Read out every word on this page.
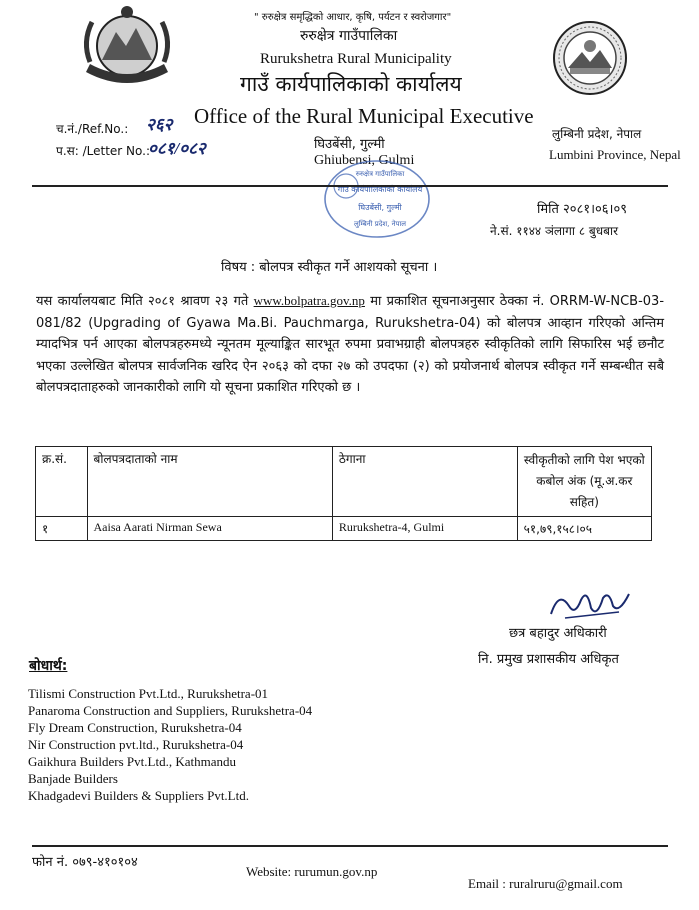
" रुरुक्षेत्र समृद्धिको आधार, कृषि, पर्यटन र स्वरोजगार"
रुरुक्षेत्र गाउँपालिका
Rurukshetra Rural Municipality
गाउँ कार्यपालिकाको कार्यालय
Office of the Rural Municipal Executive
घिउबेंसी, गुल्मी
Ghiubensi, Gulmi
लुम्बिनी प्रदेश, नेपाल
Lumbini Province, Nepal
च.नं./Ref.No.: २६२
प.स: /Letter No.:
०८१/०८२
रुरुक्षेत्र गाउँपालिका
गाउँ कार्यपालिकाको कार्यालय
घिउबेंसी, गुल्मी
लुम्बिनी प्रदेश, नेपाल
मिति २०८१।०६।०९
ने.सं. ११४४ ञंलागा ८ बुधबार
विषय : बोलपत्र स्वीकृत गर्ने आशयको सूचना ।
यस कार्यालयबाट मिति २०८१ श्रावण २३ गते www.bolpatra.gov.np मा प्रकाशित सूचनाअनुसार ठेक्का नं. ORRM-W-NCB-03-081/82 (Upgrading of Gyawa Ma.Bi. Pauchmarga, Rurukshetra-04) को बोलपत्र आव्हान गरिएको अन्तिम म्यादभित्र पर्न आएका बोलपत्रहरुमध्ये न्यूनतम मूल्याङ्कित सारभूत रुपमा प्रवाभग्राही बोलपत्रहरु स्वीकृतिको लागि सिफारिस भई छनौट भएका उल्लेखित बोलपत्र सार्वजनिक खरिद ऐन २०६३ को दफा २७ को उपदफा (२) को प्रयोजनार्थ बोलपत्र स्वीकृत गर्ने सम्बन्धीत सबै बोलपत्रदाताहरुको जानकारीको लागि यो सूचना प्रकाशित गरिएको छ ।
क्र.सं.	बोलपत्रदाताको नाम	ठेगाना	स्वीकृतीको लागि पेश भएको कबोल अंक (मू.अ.कर सहित)
१	Aaisa Aarati Nirman Sewa	Rurukshetra-4, Gulmi	५१,७९,१५८।०५
छत्र बहादुर अधिकारी
नि. प्रमुख प्रशासकीय अधिकृत
बोधार्थ:
Tilismi Construction Pvt.Ltd., Rurukshetra-01
Panaroma Construction and Suppliers, Rurukshetra-04
Fly Dream Construction, Rurukshetra-04
Nir Construction pvt.ltd., Rurukshetra-04
Gaikhura Builders Pvt.Ltd., Kathmandu
Banjade Builders
Khadgadevi Builders & Suppliers Pvt.Ltd.
फोन नं. ०७९-४१०१०४
Website: rurumun.gov.np
Email : ruralruru@gmail.com
